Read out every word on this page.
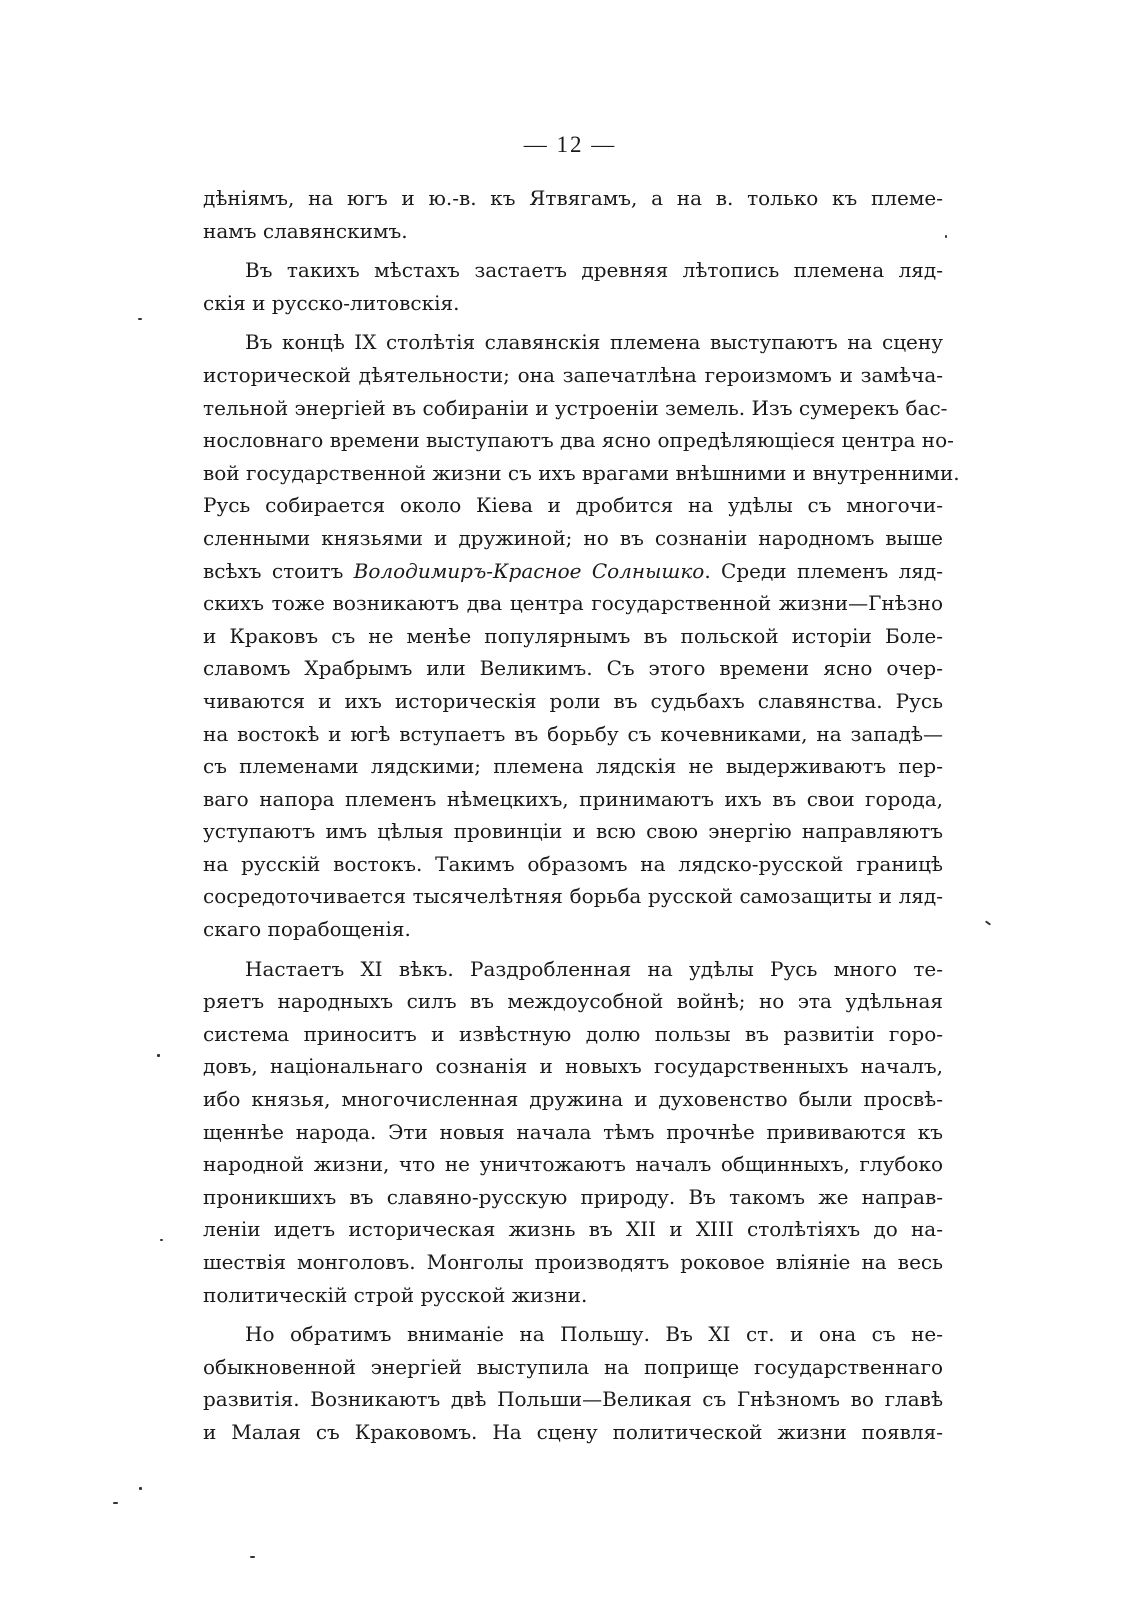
— 12 —
дѣніямъ, на югъ и ю.-в. къ Ятвягамъ, а на в. только къ племе-
намъ славянскимъ.
Въ такихъ мѣстахъ застаетъ древняя лѣтопись племена ляд-
скія и русско-литовскія.
Въ концѣ IX столѣтія славянскія племена выступаютъ на сцену
исторической дѣятельности; она запечатлѣна героизмомъ и замѣча-
тельной энергіей въ собираніи и устроеніи земель. Изъ сумерекъ бас-
нословнаго времени выступаютъ два ясно опредѣляющіеся центра но-
вой государственной жизни съ ихъ врагами внѣшними и внутренними.
Русь собирается около Кіева и дробится на удѣлы съ многочи-
сленными князьями и дружиной; но въ сознаніи народномъ выше
всѣхъ стоитъ Володимиръ-Красное Солнышко. Среди племенъ ляд-
скихъ тоже возникаютъ два центра государственной жизни—Гнѣзно
и Краковъ съ не менѣе популярнымъ въ польской исторіи Боле-
славомъ Храбрымъ или Великимъ. Съ этого времени ясно очер-
чиваются и ихъ историческія роли въ судьбахъ славянства. Русь
на востокѣ и югѣ вступаетъ въ борьбу съ кочевниками, на западѣ—
съ племенами лядскими; племена лядскія не выдерживаютъ пер-
ваго напора племенъ нѣмецкихъ, принимаютъ ихъ въ свои города,
уступаютъ имъ цѣлыя провинціи и всю свою энергію направляютъ
на русскій востокъ. Такимъ образомъ на лядско-русской границѣ
сосредоточивается тысячелѣтняя борьба русской самозащиты и ляд-
скаго порабощенія.
Настаетъ XI вѣкъ. Раздробленная на удѣлы Русь много те-
ряетъ народныхъ силъ въ междоусобной войнѣ; но эта удѣльная
система приноситъ и извѣстную долю пользы въ развитіи горо-
довъ, національнаго сознанія и новыхъ государственныхъ началъ,
ибо князья, многочисленная дружина и духовенство были просвѣ-
щеннѣе народа. Эти новыя начала тѣмъ прочнѣе прививаются къ
народной жизни, что не уничтожаютъ началъ общинныхъ, глубоко
проникшихъ въ славяно-русскую природу. Въ такомъ же направ-
леніи идетъ историческая жизнь въ XII и XIII столѣтіяхъ до на-
шествія монголовъ. Монголы производятъ роковое вліяніе на весь
политическій строй русской жизни.
Но обратимъ вниманіе на Польшу. Въ XI ст. и она съ не-
обыкновенной энергіей выступила на поприще государственнаго
развитія. Возникаютъ двѣ Польши—Великая съ Гнѣзномъ во главѣ
и Малая съ Краковомъ. На сцену политической жизни появля-
